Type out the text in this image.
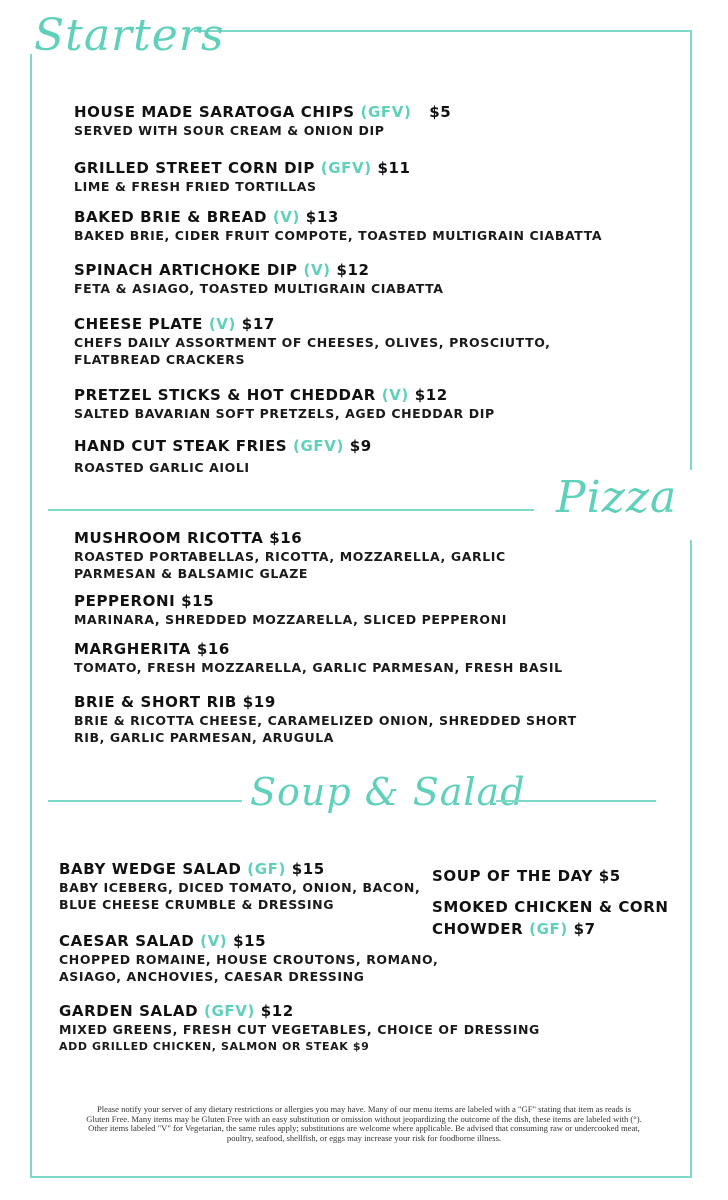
Starters
Pizza
Soup & Salad
HOUSE MADE SARATOGA CHIPS (GFV) $5
SERVED WITH SOUR CREAM & ONION DIP
GRILLED STREET CORN DIP (GFV) $11
LIME & FRESH FRIED TORTILLAS
BAKED BRIE & BREAD (V) $13
BAKED BRIE, CIDER FRUIT COMPOTE, TOASTED MULTIGRAIN CIABATTA
SPINACH ARTICHOKE DIP (V) $12
FETA & ASIAGO, TOASTED MULTIGRAIN CIABATTA
CHEESE PLATE (V) $17
CHEFS DAILY ASSORTMENT OF CHEESES, OLIVES, PROSCIUTTO,
FLATBREAD CRACKERS
PRETZEL STICKS & HOT CHEDDAR (V) $12
SALTED BAVARIAN SOFT PRETZELS, AGED CHEDDAR DIP
HAND CUT STEAK FRIES (GFV) $9
ROASTED GARLIC AIOLI
MUSHROOM RICOTTA $16
ROASTED PORTABELLAS, RICOTTA, MOZZARELLA, GARLIC
PARMESAN & BALSAMIC GLAZE
PEPPERONI $15
MARINARA, SHREDDED MOZZARELLA, SLICED PEPPERONI
MARGHERITA $16
TOMATO, FRESH MOZZARELLA, GARLIC PARMESAN, FRESH BASIL
BRIE & SHORT RIB $19
BRIE & RICOTTA CHEESE, CARAMELIZED ONION, SHREDDED SHORT
RIB, GARLIC PARMESAN, ARUGULA
BABY WEDGE SALAD (GF) $15
BABY ICEBERG, DICED TOMATO, ONION, BACON,
BLUE CHEESE CRUMBLE & DRESSING
CAESAR SALAD (V) $15
CHOPPED ROMAINE, HOUSE CROUTONS, ROMANO,
ASIAGO, ANCHOVIES, CAESAR DRESSING
GARDEN SALAD (GFV) $12
MIXED GREENS, FRESH CUT VEGETABLES, CHOICE OF DRESSING
ADD GRILLED CHICKEN, SALMON OR STEAK $9
SOUP OF THE DAY $5
SMOKED CHICKEN & CORN
CHOWDER (GF) $7
Please notify your server of any dietary restrictions or allergies you may have. Many of our menu items are labeled with a "GF" stating that item as reads is Gluten Free. Many items may be Gluten Free with an easy substitution or omission without jeopardizing the outcome of the dish, these items are labeled with (°). Other items labeled "V" for Vegetarian, the same rules apply; substitutions are welcome where applicable. Be advised that consuming raw or undercooked meat, poultry, seafood, shellfish, or eggs may increase your risk for foodborne illness.
